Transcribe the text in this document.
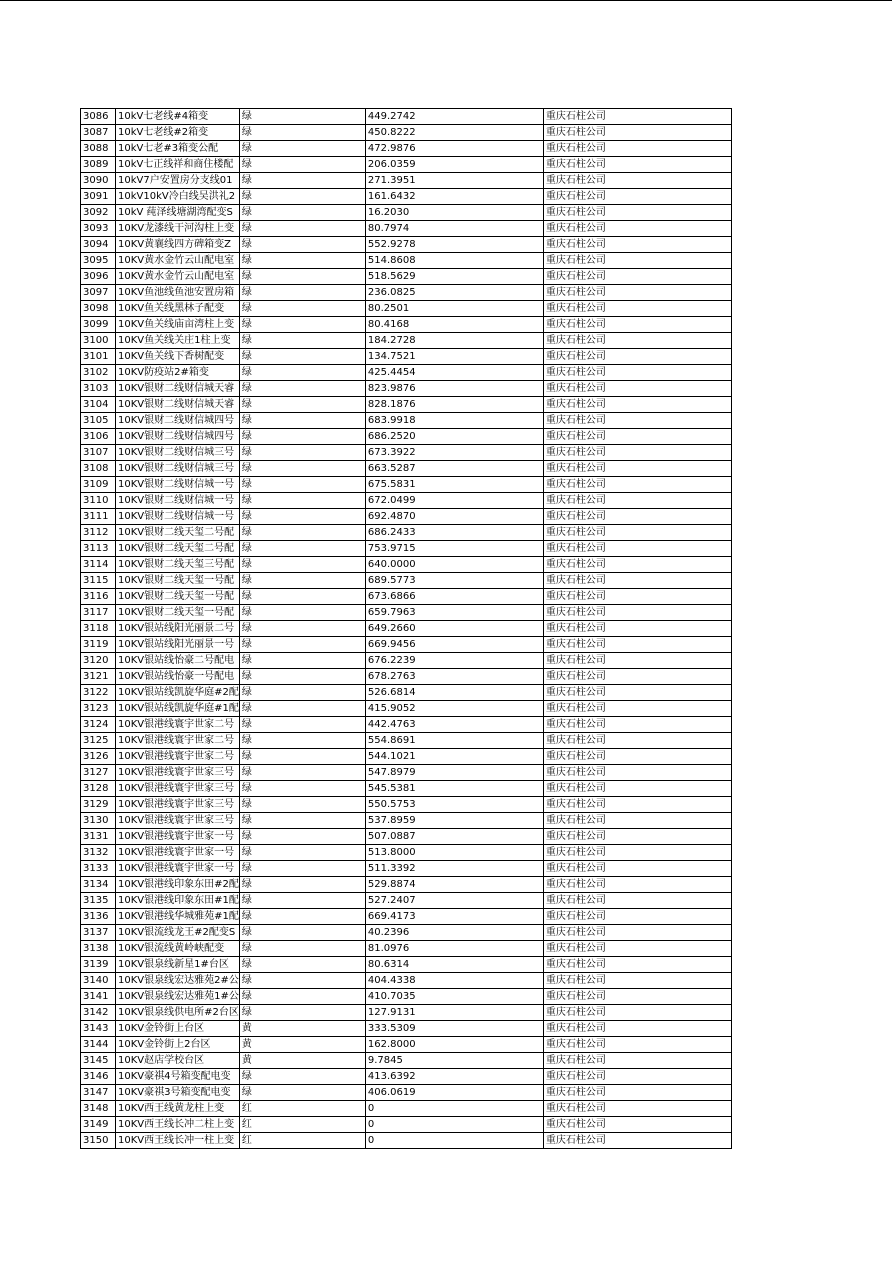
3086	10kV七老线#4箱变	绿	449.2742	重庆石柱公司
3087	10kV七老线#2箱变	绿	450.8222	重庆石柱公司
3088	10kV七老#3箱变公配	绿	472.9876	重庆石柱公司
3089	10kV七正线祥和商住楼配	绿	206.0359	重庆石柱公司
3090	10kV7户安置房分支线01	绿	271.3951	重庆石柱公司
3091	10kV10kV冷白线吴洪礼2	绿	161.6432	重庆石柱公司
3092	10kV 莼泽线塘湖湾配变S	绿	16.2030	重庆石柱公司
3093	10KV龙漆线干河沟柱上变	绿	80.7974	重庆石柱公司
3094	10KV黄襄线四方碑箱变Z	绿	552.9278	重庆石柱公司
3095	10KV黄水金竹云山配电室	绿	514.8608	重庆石柱公司
3096	10KV黄水金竹云山配电室	绿	518.5629	重庆石柱公司
3097	10KV鱼池线鱼池安置房箱	绿	236.0825	重庆石柱公司
3098	10KV鱼关线黑林子配变	绿	80.2501	重庆石柱公司
3099	10KV鱼关线庙亩湾柱上变	绿	80.4168	重庆石柱公司
3100	10KV鱼关线关庄1柱上变	绿	184.2728	重庆石柱公司
3101	10KV鱼关线下香树配变	绿	134.7521	重庆石柱公司
3102	10KV防疫站2#箱变	绿	425.4454	重庆石柱公司
3103	10KV银财二线财信城天睿	绿	823.9876	重庆石柱公司
3104	10KV银财二线财信城天睿	绿	828.1876	重庆石柱公司
3105	10KV银财二线财信城四号	绿	683.9918	重庆石柱公司
3106	10KV银财二线财信城四号	绿	686.2520	重庆石柱公司
3107	10KV银财二线财信城三号	绿	673.3922	重庆石柱公司
3108	10KV银财二线财信城三号	绿	663.5287	重庆石柱公司
3109	10KV银财二线财信城一号	绿	675.5831	重庆石柱公司
3110	10KV银财二线财信城一号	绿	672.0499	重庆石柱公司
3111	10KV银财二线财信城一号	绿	692.4870	重庆石柱公司
3112	10KV银财二线天玺二号配	绿	686.2433	重庆石柱公司
3113	10KV银财二线天玺二号配	绿	753.9715	重庆石柱公司
3114	10KV银财二线天玺三号配	绿	640.0000	重庆石柱公司
3115	10KV银财二线天玺一号配	绿	689.5773	重庆石柱公司
3116	10KV银财二线天玺一号配	绿	673.6866	重庆石柱公司
3117	10KV银财二线天玺一号配	绿	659.7963	重庆石柱公司
3118	10KV银站线阳光丽景二号	绿	649.2660	重庆石柱公司
3119	10KV银站线阳光丽景一号	绿	669.9456	重庆石柱公司
3120	10KV银站线怡豪二号配电	绿	676.2239	重庆石柱公司
3121	10KV银站线怡豪一号配电	绿	678.2763	重庆石柱公司
3122	10KV银站线凯旋华庭#2配	绿	526.6814	重庆石柱公司
3123	10KV银站线凯旋华庭#1配	绿	415.9052	重庆石柱公司
3124	10KV银港线寰宇世家二号	绿	442.4763	重庆石柱公司
3125	10KV银港线寰宇世家二号	绿	554.8691	重庆石柱公司
3126	10KV银港线寰宇世家二号	绿	544.1021	重庆石柱公司
3127	10KV银港线寰宇世家三号	绿	547.8979	重庆石柱公司
3128	10KV银港线寰宇世家三号	绿	545.5381	重庆石柱公司
3129	10KV银港线寰宇世家三号	绿	550.5753	重庆石柱公司
3130	10KV银港线寰宇世家三号	绿	537.8959	重庆石柱公司
3131	10KV银港线寰宇世家一号	绿	507.0887	重庆石柱公司
3132	10KV银港线寰宇世家一号	绿	513.8000	重庆石柱公司
3133	10KV银港线寰宇世家一号	绿	511.3392	重庆石柱公司
3134	10KV银港线印象东田#2配	绿	529.8874	重庆石柱公司
3135	10KV银港线印象东田#1配	绿	527.2407	重庆石柱公司
3136	10KV银港线华城雅苑#1配	绿	669.4173	重庆石柱公司
3137	10KV银流线龙王#2配变S	绿	40.2396	重庆石柱公司
3138	10KV银流线黄岭峡配变	绿	81.0976	重庆石柱公司
3139	10KV银泉线新星1#台区	绿	80.6314	重庆石柱公司
3140	10KV银泉线宏达雅苑2#公	绿	404.4338	重庆石柱公司
3141	10KV银泉线宏达雅苑1#公	绿	410.7035	重庆石柱公司
3142	10KV银泉线供电所#2台区	绿	127.9131	重庆石柱公司
3143	10KV金铃街上台区	黄	333.5309	重庆石柱公司
3144	10KV金铃街上2台区	黄	162.8000	重庆石柱公司
3145	10KV赵店学校台区	黄	9.7845	重庆石柱公司
3146	10KV豪祺4号箱变配电变	绿	413.6392	重庆石柱公司
3147	10KV豪祺3号箱变配电变	绿	406.0619	重庆石柱公司
3148	10KV西王线黄龙柱上变	红	0	重庆石柱公司
3149	10KV西王线长冲二柱上变	红	0	重庆石柱公司
3150	10KV西王线长冲一柱上变	红	0	重庆石柱公司
